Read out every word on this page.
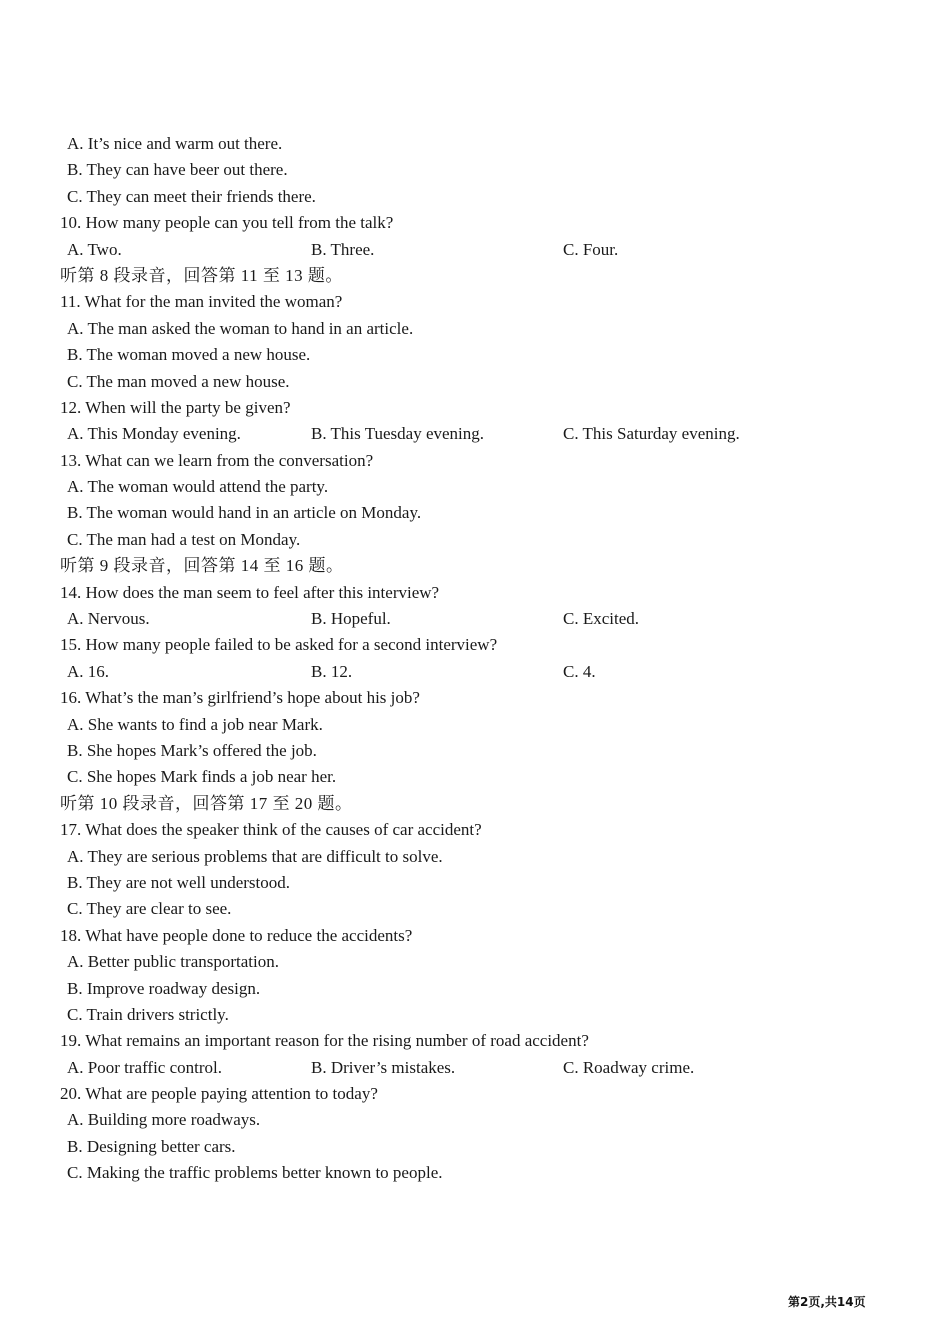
A. It’s nice and warm out there.
B. They can have beer out there.
C. They can meet their friends there.
10. How many people can you tell from the talk?
A. Two.	B. Three.	C. Four.
听第 8 段录音，回答第 11 至 13 题。
11. What for the man invited the woman?
A. The man asked the woman to hand in an article.
B. The woman moved a new house.
C. The man moved a new house.
12. When will the party be given?
A. This Monday evening.	B. This Tuesday evening.	C. This Saturday evening.
13. What can we learn from the conversation?
A. The woman would attend the party.
B. The woman would hand in an article on Monday.
C. The man had a test on Monday.
听第 9 段录音，回答第 14 至 16 题。
14. How does the man seem to feel after this interview?
A. Nervous.	B. Hopeful.	C. Excited.
15. How many people failed to be asked for a second interview?
A. 16.	B. 12.	C. 4.
16. What’s the man’s girlfriend’s hope about his job?
A. She wants to find a job near Mark.
B. She hopes Mark’s offered the job.
C. She hopes Mark finds a job near her.
听第 10 段录音，回答第 17 至 20 题。
17. What does the speaker think of the causes of car accident?
A. They are serious problems that are difficult to solve.
B. They are not well understood.
C. They are clear to see.
18. What have people done to reduce the accidents?
A. Better public transportation.
B. Improve roadway design.
C. Train drivers strictly.
19. What remains an important reason for the rising number of road accident?
A. Poor traffic control.	B. Driver’s mistakes.	C. Roadway crime.
20. What are people paying attention to today?
A. Building more roadways.
B. Designing better cars.
C. Making the traffic problems better known to people.
第2页,共14页
